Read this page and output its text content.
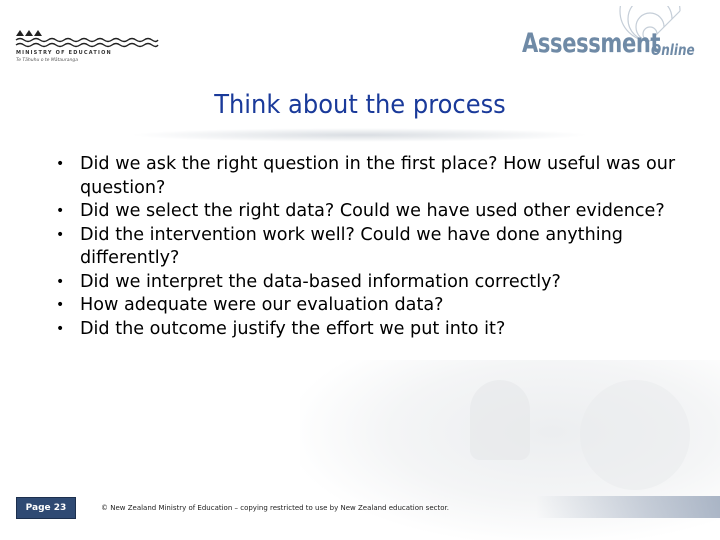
MINISTRY OF EDUCATION
Te Tāhuhu o te Mātauranga
Assessment
Online
Think about the process
• Did we ask the right question in the first place? How useful was our question?
• Did we select the right data? Could we have used other evidence?
• Did the intervention work well? Could we have done anything differently?
• Did we interpret the data-based information correctly?
• How adequate were our evaluation data?
• Did the outcome justify the effort we put into it?
Page 23	© New Zealand Ministry of Education – copying restricted to use by New Zealand education sector.
